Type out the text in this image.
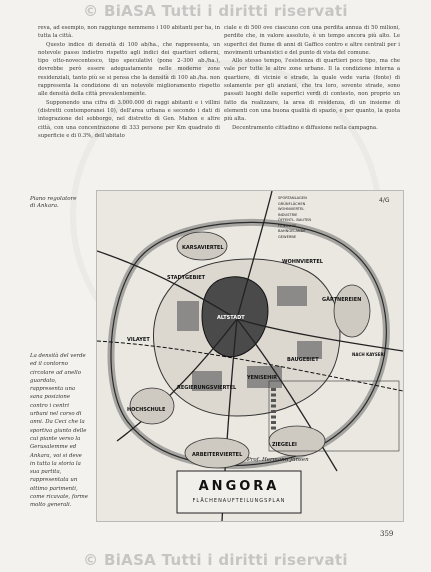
© BiASA Tutti i diritti riservati

reva, ad esempio, non raggiunge nemmeno i 100 abitanti per ha, in tutta la città.

Questo indice di densità di 100 ab/ha., che rappresenta, un notevole passo indietro rispetto agli indici dei quartieri odierni, tipo otto-novecentesco, tipo speculativi (pone 2–300 ab./ha.), dovrebbe però essere adeguatamente nelle moderne zone residenziali, tanto più se si pensa che la densità di 100 ab./ha. non rappresenta la condizione di un notevole miglioramento rispetto alle densità della città prevalentemente.

Supponendo una cifra di 3.000.000 di raggi abitanti e i villini (distretti contemporanei 10), dell'area urbana e secondo i dati di integrazione del sobborgo, nel distretto di Gen. Mahon e altre città, con una concentrazione di 333 persone per Km quadrato di superficie e di 0.3%, dell'abitato

ciale e di 500 ove ciascuno con una perdita annua di 50 milioni, perdite che, in valore assoluto, è un tempo ancora più alto. Le superfici dei fiume di anni di Gaffico contro e altre centrali per i movimenti urbanistici e del punto di vista del comune.

Allo stesso tempo, l'esistenza di quartieri poco tipo, ma che vale per tutte le altre zone urbane. Il la condizione interna a quartiere, di vicinie e strade, la quale vede varia (fonte) di solamente per gli anziani, che tra loro, sovente strade, sono passati luoghi delle superfici verdi di contesto, non proprio un fatto da realizzare, la area di residenza, di un insieme di elementi con una buona qualità di spazio, e per quanto, la quota più alta.

Decentramento cittadino e diffusione nella campagna.

Piano regolatore di Ankara.
La densità del verde ed il contorno circolare ad anello guardato, rappresenta una sana posizione contro i centri urbani nel corso di anni. Da Ceci che la sportiva giunto delle cui piante verso la Gerusalemme ed Ankara, voi si deve in tutta la storia la sua partita, rappresentata un ottimo parimenti, come ricavate, forme molto generali.
WOHNVIERTEL
STADTGEBIET
ALTSTADT
YENISEHIR
VILAYET
REGIERUNGSVIERTEL
GÄRTNEREIEN
BAUGEBIET
HOCHSCHULE
ZIEGELEI
ARBEITERVIERTEL
KARSAVIERTEL
NACH KAYSERI
4/G
SPORTANLAGEN
GRÜNFLÄCHEN
WOHNVIERTEL
INDUSTRIE
ÖFFENTL. BAUTEN
FRIEDHOF
BAHNGELÄNDE
GEWERBE
Prof. Hermann Jansen
ANGORA
FLÄCHENAUFTEILUNGSPLAN
359
© BiASA Tutti i diritti riservati
